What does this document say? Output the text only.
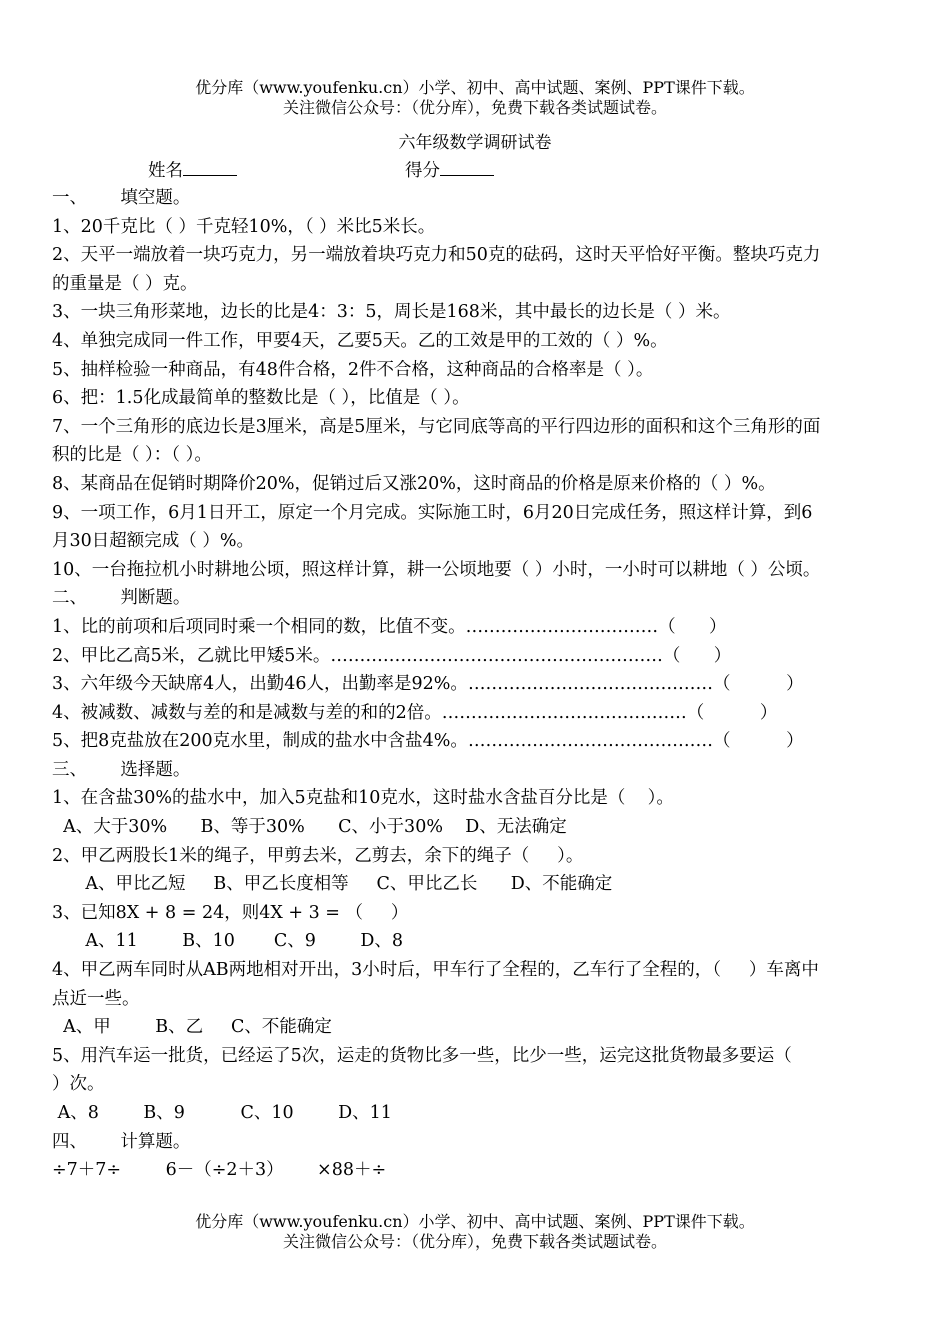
优分库（www.youfenku.cn）小学、初中、高中试题、案例、PPT课件下载。
关注微信公众号：（优分库），免费下载各类试题试卷。
六年级数学调研试卷
姓名	得分
一、      填空题。
1、20千克比（ ）千克轻10%，（ ）米比5米长。
2、天平一端放着一块巧克力，另一端放着块巧克力和50克的砝码，这时天平恰好平衡。整块巧克力
的重量是（ ）克。
3、一块三角形菜地，边长的比是4：3：5，周长是168米，其中最长的边长是（ ）米。
4、单独完成同一件工作，甲要4天，乙要5天。乙的工效是甲的工效的（ ）%。
5、抽样检验一种商品，有48件合格，2件不合格，这种商品的合格率是（ ）。
6、把：1.5化成最简单的整数比是（ ），比值是（ ）。
7、一个三角形的底边长是3厘米，高是5厘米，与它同底等高的平行四边形的面积和这个三角形的面
积的比是（ ）：（ ）。
8、某商品在促销时期降价20%，促销过后又涨20%，这时商品的价格是原来价格的（ ）%。
9、一项工作，6月1日开工，原定一个月完成。实际施工时，6月20日完成任务，照这样计算，到6
月30日超额完成（ ）%。
10、一台拖拉机小时耕地公顷，照这样计算，耕一公顷地要（ ）小时，一小时可以耕地（ ）公顷。
二、      判断题。
1、比的前项和后项同时乘一个相同的数，比值不变。……………………………（      ）
2、甲比乙高5米，乙就比甲矮5米。…………………………………………………（      ）
3、六年级今天缺席4人，出勤46人，出勤率是92%。……………………………………（          ）
4、被减数、减数与差的和是减数与差的和的2倍。……………………………………（          ）
5、把8克盐放在200克水里，制成的盐水中含盐4%。……………………………………（          ）
三、      选择题。
1、在含盐30%的盐水中，加入5克盐和10克水，这时盐水含盐百分比是（    ）。
A、大于30%      B、等于30%      C、小于30%    D、无法确定
2、甲乙两股长1米的绳子，甲剪去米，乙剪去，余下的绳子（     ）。
A、甲比乙短     B、甲乙长度相等     C、甲比乙长      D、不能确定
3、已知8X + 8 = 24，则4X + 3 = （     ）
A、11        B、10       C、9        D、8
4、甲乙两车同时从AB两地相对开出，3小时后，甲车行了全程的，乙车行了全程的，（     ）车离中
点近一些。
A、甲        B、乙     C、不能确定
5、用汽车运一批货，已经运了5次，运走的货物比多一些，比少一些，运完这批货物最多要运（
）次。
A、8        B、9          C、10        D、11
四、      计算题。
÷7＋7÷        6－（÷2＋3）      ×88＋÷
优分库（www.youfenku.cn）小学、初中、高中试题、案例、PPT课件下载。
关注微信公众号：（优分库），免费下载各类试题试卷。
